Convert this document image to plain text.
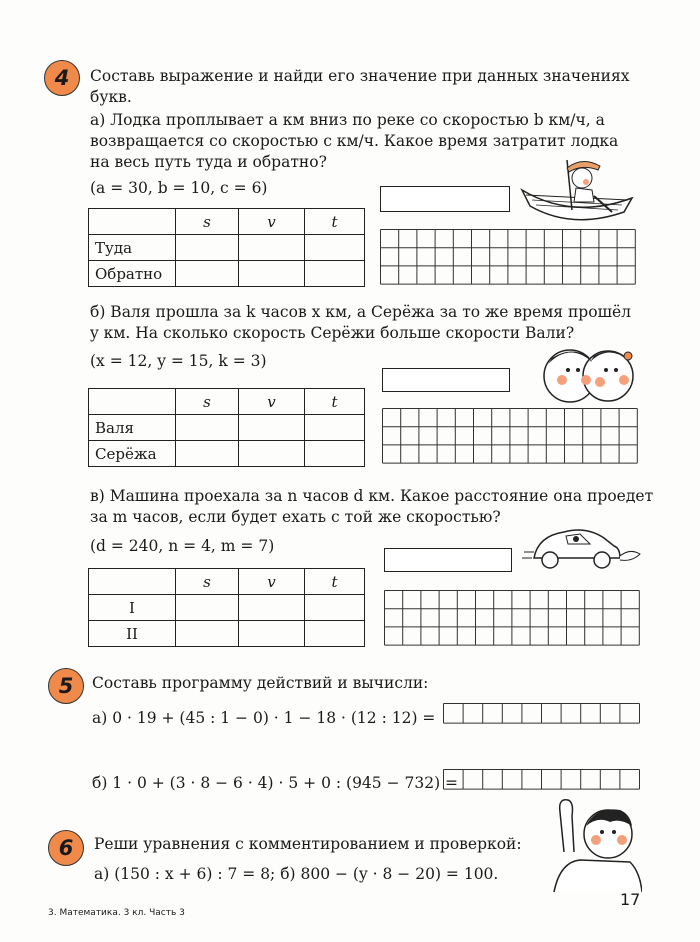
4	Составь выражение и найди его значение при данных значениях
букв.
а) Лодка проплывает a км вниз по реке со скоростью b км/ч, а
возвращается со скоростью c км/ч. Какое время затратит лодка
на весь путь туда и обратно?
(a = 30, b = 10, c = 6)
	s	v	t
Туда			
Обратно			
б) Валя прошла за k часов x км, а Серёжа за то же время прошёл
y км. На сколько скорость Серёжи больше скорости Вали?
(x = 12, y = 15, k = 3)
	s	v	t
Валя			
Серёжа			
в) Машина проехала за n часов d км. Какое расстояние она проедет
за m часов, если будет ехать с той же скоростью?
(d = 240, n = 4, m = 7)
	s	v	t
I			
II			
5	Составь программу действий и вычисли:
а) 0 · 19 + (45 : 1 − 0) · 1 − 18 · (12 : 12) =
б) 1 · 0 + (3 · 8 − 6 · 4) · 5 + 0 : (945 − 732) =
6	Реши уравнения с комментированием и проверкой:
а) (150 : x + 6) : 7 = 8; б) 800 − (y · 8 − 20) = 100.
3. Математика. 3 кл. Часть 3
17
